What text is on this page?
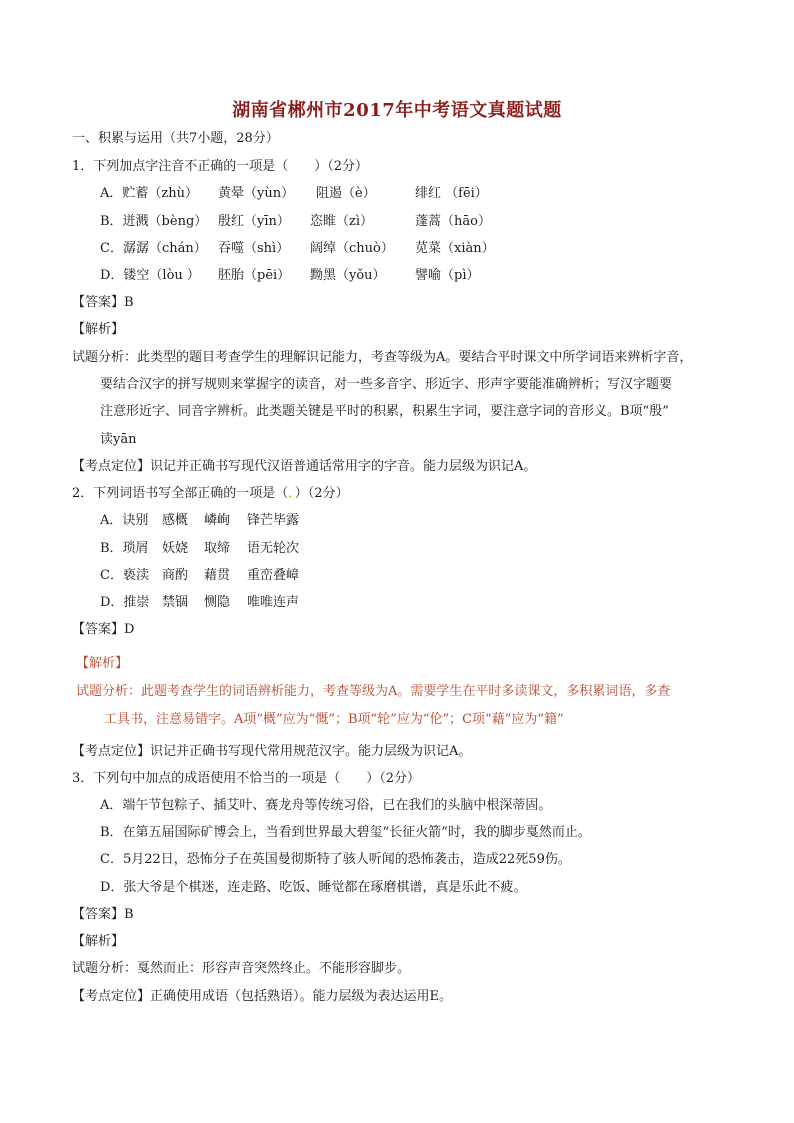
湖南省郴州市2017年中考语文真题试题
一、积累与运用（共7小题，28分）
1．下列加点字注音不正确的一项是（　　）（2分）
A．贮蓄（zhù） 黄晕（yùn） 阻遏（è）	绯红 （fēi）
B．迸溅（bèng） 殷红（yīn） 恣睢（zì）	蓬蒿（hāo）
C．潺潺（chán） 吞噬（shì） 阔绰（chuò） 苋菜（xiàn）
D．镂空（lòu ） 胚胎（pēi） 黝黑（yǒu） 譬喻（pì）
【答案】B
【解析】
试题分析：此类型的题目考查学生的理解识记能力，考查等级为A。要结合平时课文中所学词语来辨析字音，
要结合汉字的拼写规则来掌握字的读音，对一些多音字、形近字、形声字要能准确辨析；写汉字题要
注意形近字、同音字辨析。此类题关键是平时的积累，积累生字词，要注意字词的音形义。B项“殷”
读yān
【考点定位】识记并正确书写现代汉语普通话常用字的字音。能力层级为识记A。
2．下列词语书写全部正确的一项是（．）（2分）
A．诀别 感概 嶙峋 锋芒毕露
B．琐屑 妖娆 取缔 语无轮次
C．亵渎 商酌 藉贯 重峦叠嶂
D．推崇 禁锢 恻隐 唯唯连声
【答案】D
【解析】
试题分析：此题考查学生的词语辨析能力，考查等级为A。需要学生在平时多读课文，多积累词语，多查
工具书，注意易错字。A项“概”应为“慨”；B项“轮”应为“伦”；C项“藉”应为“籍”
【考点定位】识记并正确书写现代常用规范汉字。能力层级为识记A。
3．下列句中加点的成语使用不恰当的一项是（　　）（2分）
A．端午节包粽子、插艾叶、赛龙舟等传统习俗，已在我们的头脑中根深蒂固。
B．在第五届国际矿博会上，当看到世界最大碧玺“长征火箭”时，我的脚步戛然而止。
C．5月22日，恐怖分子在英国曼彻斯特了骇人听闻的恐怖袭击，造成22死59伤。
D．张大爷是个棋迷，连走路、吃饭、睡觉都在琢磨棋谱，真是乐此不疲。
【答案】B
【解析】
试题分析：戛然而止：形容声音突然终止。不能形容脚步。
【考点定位】正确使用成语（包括熟语）。能力层级为表达运用E。
